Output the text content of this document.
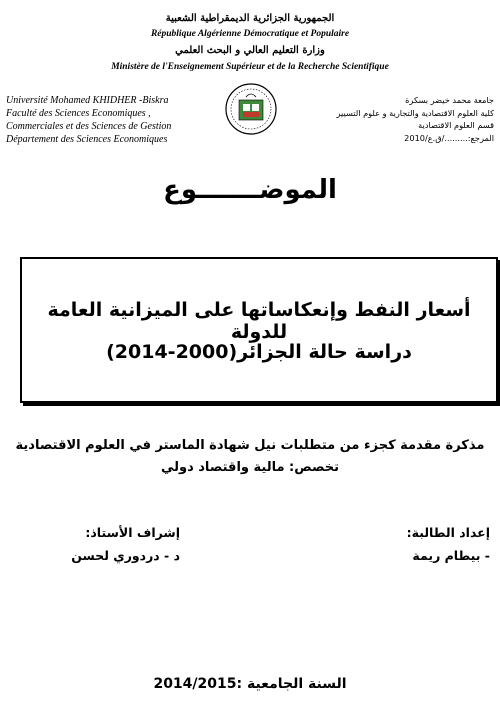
الجمهورية الجزائرية الديمقراطية الشعبية
République Algérienne Démocratique et Populaire
وزارة التعليم العالي و البحث العلمي
Ministère de l'Enseignement Supérieur et de la Recherche Scientifique
Université Mohamed KHIDHER -Biskra
Faculté des Sciences Economiques ,
Commerciales et des Sciences de Gestion
Département des Sciences Economiques
جامعة محمد خيضر بسكرة
كلية العلوم الاقتصادية والتجارية و علوم التسيير
قسم العلوم الاقتصادية
المرجع:........./ق.ع/2010
الموضـــــــوع
أسعار النفط وإنعكاساتها على الميزانية العامة للدولة
دراسة حالة الجزائر(2000-2014)
مذكرة مقدمة كجزء من متطلبات نيل شهادة الماستر في العلوم الاقتصادية
تخصص: مالية واقتصاد دولي
إعداد الطالبة:
- بيطام ريمة
إشراف الأستاذ:
د - دردوري لحسن
السنة الجامعية :2014/2015
